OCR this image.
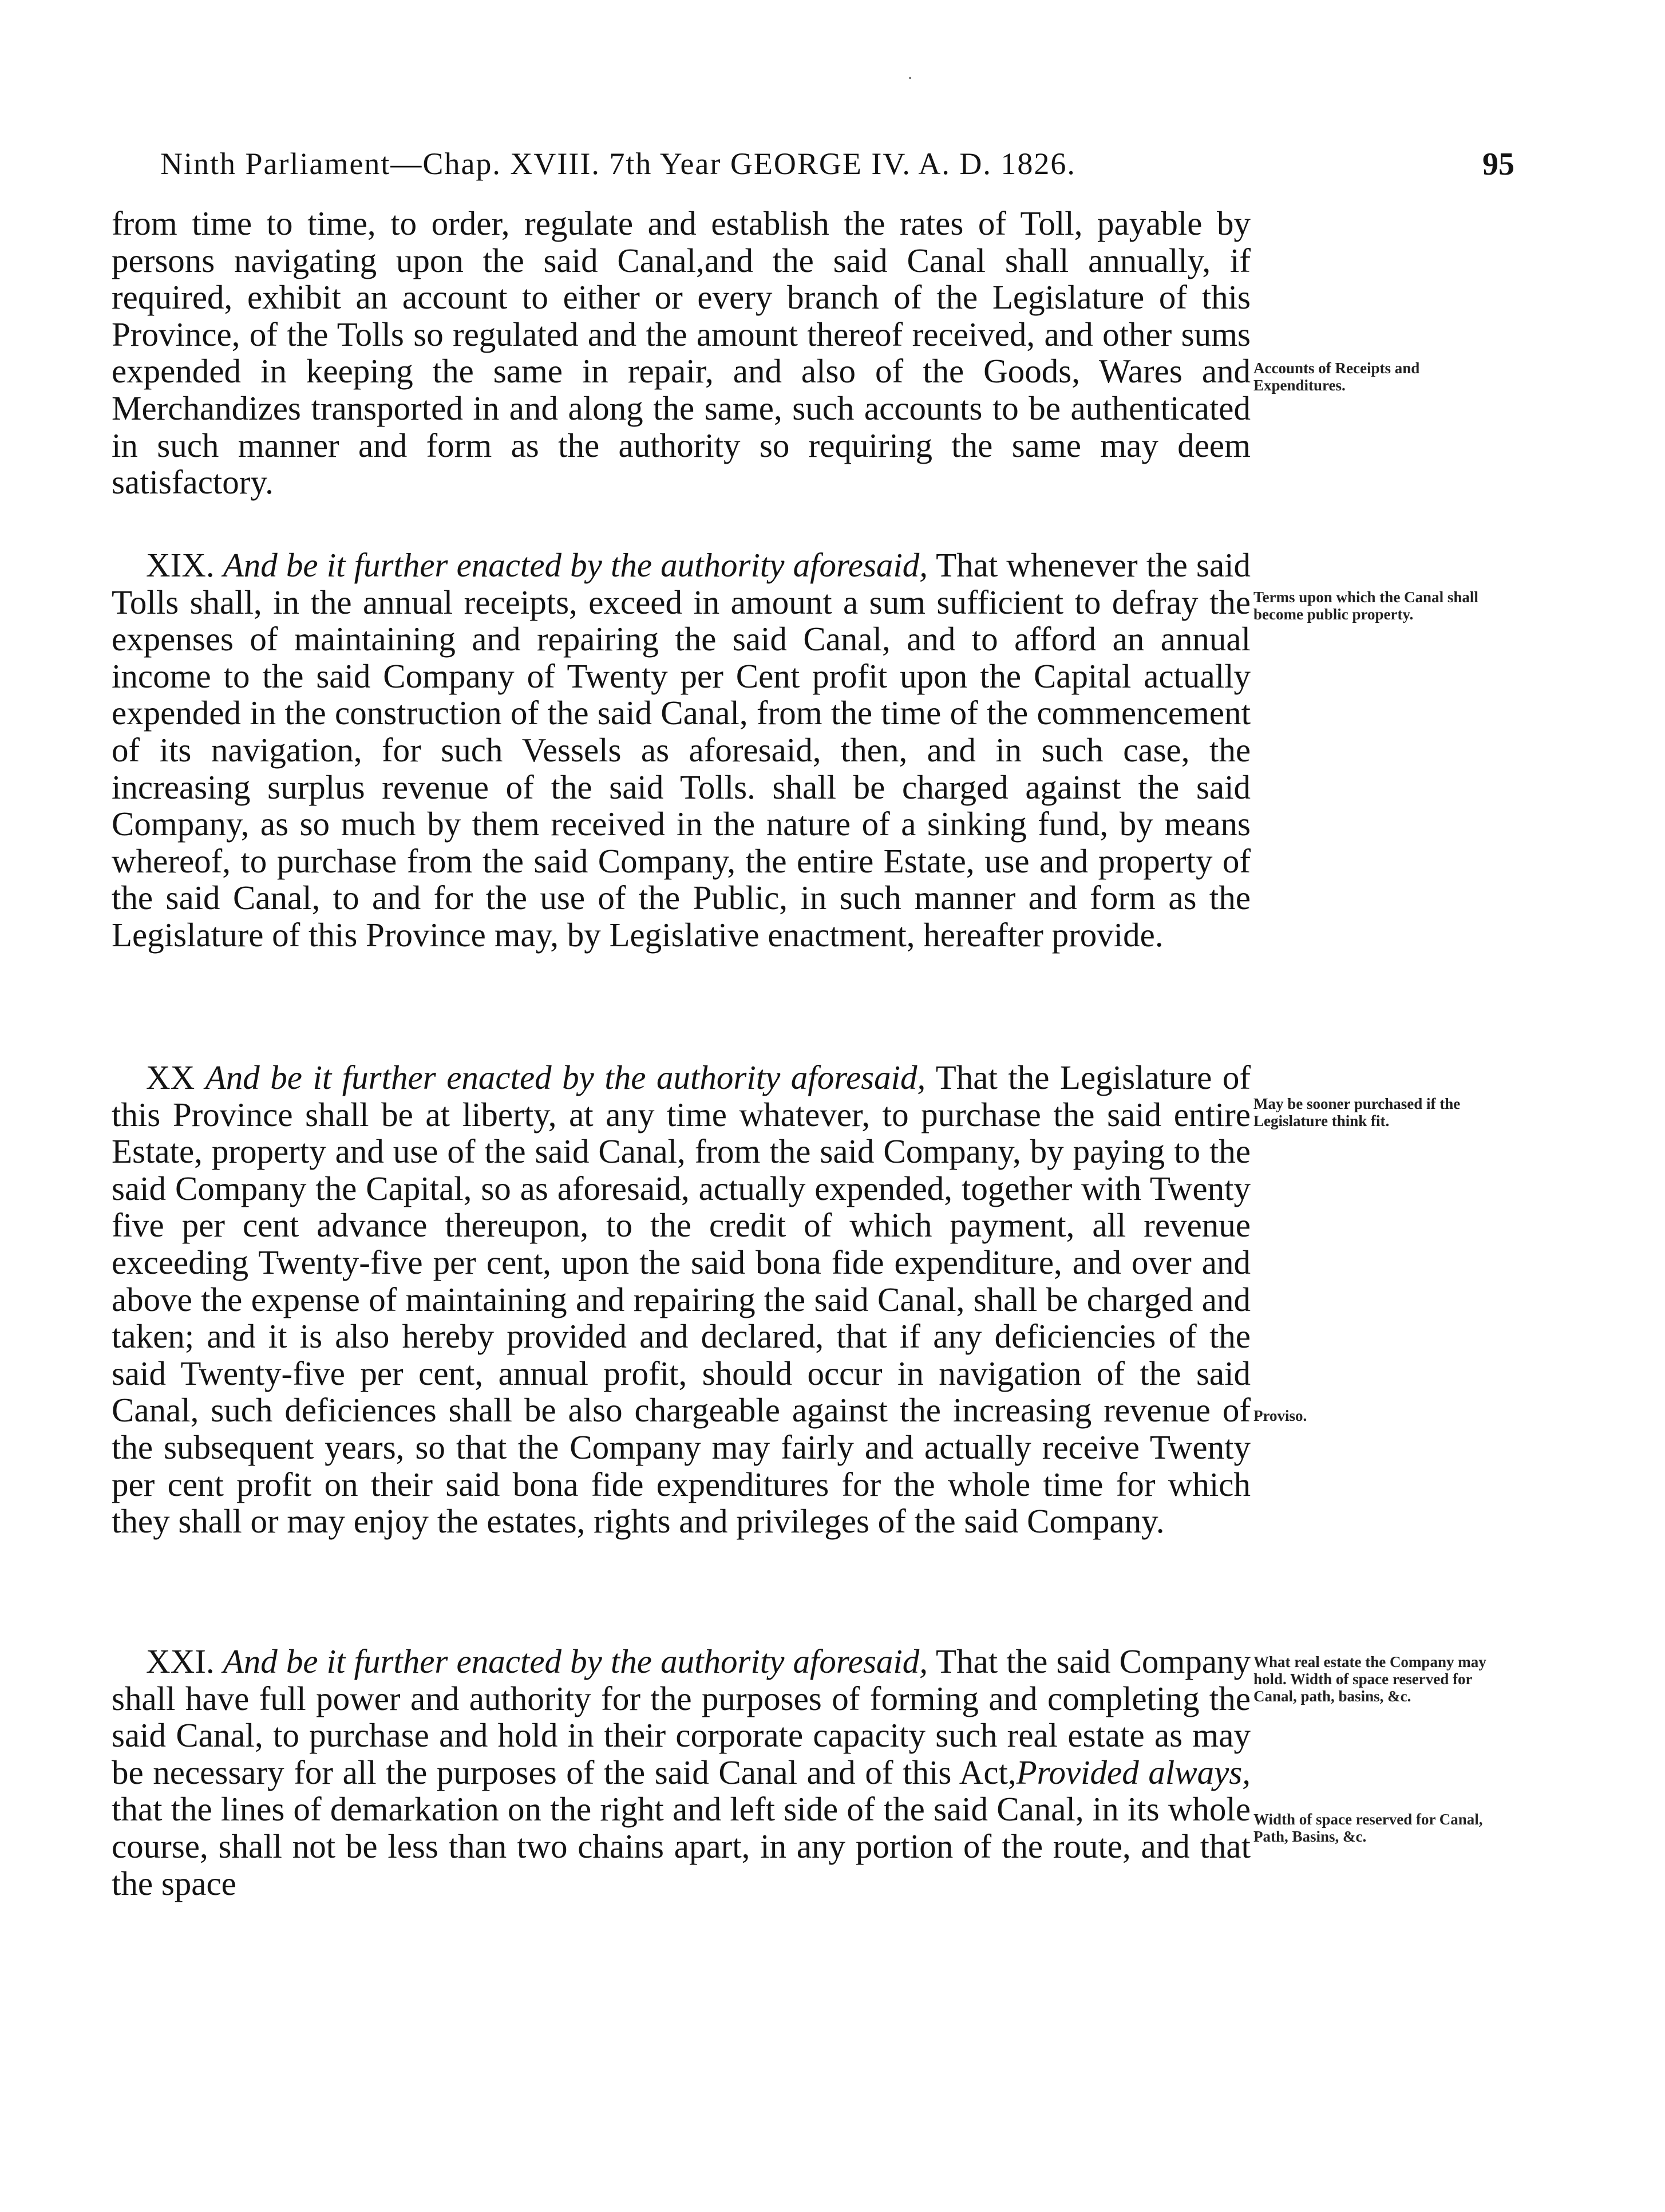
·
Ninth Parliament—Chap. XVIII. 7th Year GEORGE IV. A. D. 1826.	95

from time to time, to order, regulate and establish the rates of Toll, payable by persons navigating upon the said Canal,and the said Canal shall annually, if required, exhibit an account to either or every branch of the Legislature of this Province, of the Tolls so regulated and the amount thereof received, and other sums expended in keeping the same in repair, and also of the Goods, Wares and Merchandizes transported in and along the same, such accounts to be authenticated in such manner and form as the authority so requiring the same may deem satisfactory.

XIX. And be it further enacted by the authority aforesaid, That whenever the said Tolls shall, in the annual receipts, exceed in amount a sum sufficient to defray the expenses of maintaining and repairing the said Canal, and to afford an annual income to the said Company of Twenty per Cent profit upon the Capital actually expended in the construction of the said Canal, from the time of the commencement of its navigation, for such Vessels as aforesaid, then, and in such case, the increasing surplus revenue of the said Tolls. shall be charged against the said Company, as so much by them received in the nature of a sinking fund, by means whereof, to purchase from the said Company, the entire Estate, use and property of the said Canal, to and for the use of the Public, in such manner and form as the Legislature of this Province may, by Legislative enactment, hereafter provide.

XX And be it further enacted by the authority aforesaid, That the Legislature of this Province shall be at liberty, at any time whatever, to purchase the said entire Estate, property and use of the said Canal, from the said Company, by paying to the said Company the Capital, so as aforesaid, actually expended, together with Twenty five per cent advance thereupon, to the credit of which payment, all revenue exceeding Twenty-five per cent, upon the said bona fide expenditure, and over and above the expense of maintaining and repairing the said Canal, shall be charged and taken; and it is also hereby provided and declared, that if any deficiencies of the said Twenty-five per cent, annual profit, should occur in navigation of the said Canal, such deficiences shall be also chargeable against the increasing revenue of the subsequent years, so that the Company may fairly and actually receive Twenty per cent profit on their said bona fide expenditures for the whole time for which they shall or may enjoy the estates, rights and privileges of the said Company.

XXI. And be it further enacted by the authority aforesaid, That the said Company shall have full power and authority for the purposes of forming and completing the said Canal, to purchase and hold in their corporate capacity such real estate as may be necessary for all the purposes of the said Canal and of this Act,Provided always, that the lines of demarkation on the right and left side of the said Canal, in its whole course, shall not be less than two chains apart, in any portion of the route, and that the space

Accounts of Receipts and Expenditures.
Terms upon which the Canal shall become public property.
May be sooner purchased if the Legislature think fit.
Proviso.
What real estate the Company may hold. Width of space reserved for Canal, path, basins, &c.
Width of space reserved for Canal, Path, Basins, &c.
